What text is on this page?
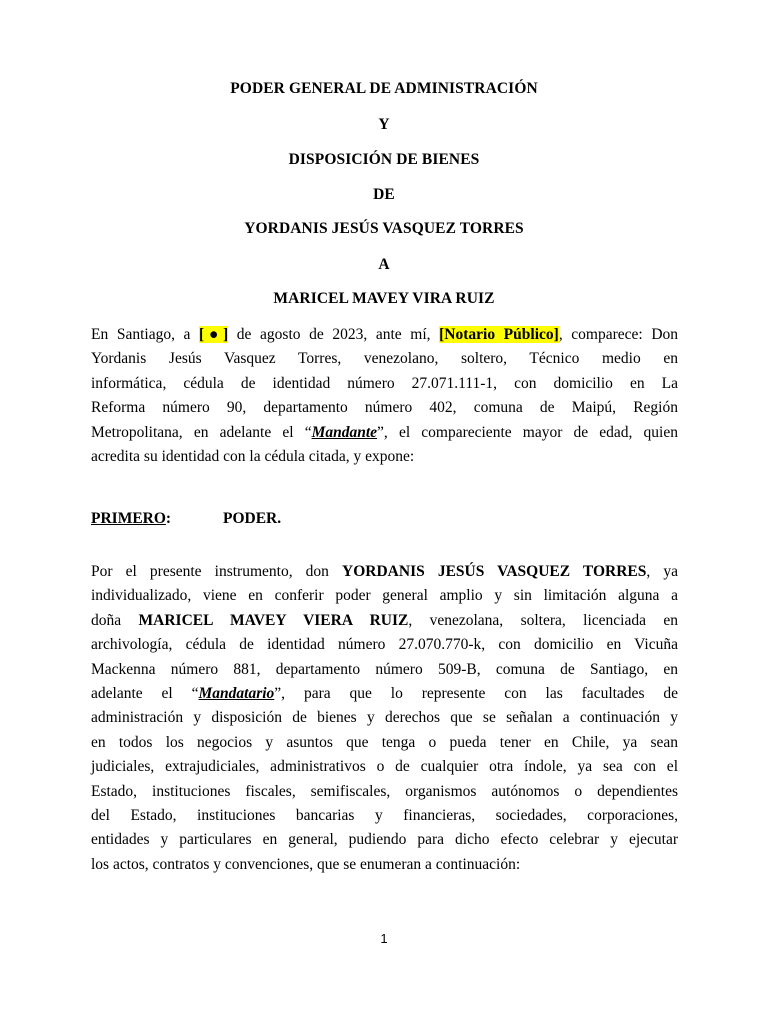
PODER GENERAL DE ADMINISTRACIÓN
Y
DISPOSICIÓN DE BIENES
DE
YORDANIS JESÚS VASQUEZ TORRES
A
MARICEL MAVEY VIRA RUIZ
En Santiago, a [●] de agosto de 2023, ante mí, [Notario Público], comparece: Don
Yordanis Jesús Vasquez Torres, venezolano, soltero, Técnico medio en
informática, cédula de identidad número 27.071.111-1, con domicilio en La
Reforma número 90, departamento número 402, comuna de Maipú, Región
Metropolitana, en adelante el “Mandante”, el compareciente mayor de edad, quien
acredita su identidad con la cédula citada, y expone:
PRIMERO:	PODER.
Por el presente instrumento, don YORDANIS JESÚS VASQUEZ TORRES, ya
individualizado, viene en conferir poder general amplio y sin limitación alguna a
doña MARICEL MAVEY VIERA RUIZ, venezolana, soltera, licenciada en
archivología, cédula de identidad número 27.070.770-k, con domicilio en Vicuña
Mackenna número 881, departamento número 509-B, comuna de Santiago, en
adelante el “Mandatario”, para que lo represente con las facultades de
administración y disposición de bienes y derechos que se señalan a continuación y
en todos los negocios y asuntos que tenga o pueda tener en Chile, ya sean
judiciales, extrajudiciales, administrativos o de cualquier otra índole, ya sea con el
Estado, instituciones fiscales, semifiscales, organismos autónomos o dependientes
del Estado, instituciones bancarias y financieras, sociedades, corporaciones,
entidades y particulares en general, pudiendo para dicho efecto celebrar y ejecutar
los actos, contratos y convenciones, que se enumeran a continuación:
1
